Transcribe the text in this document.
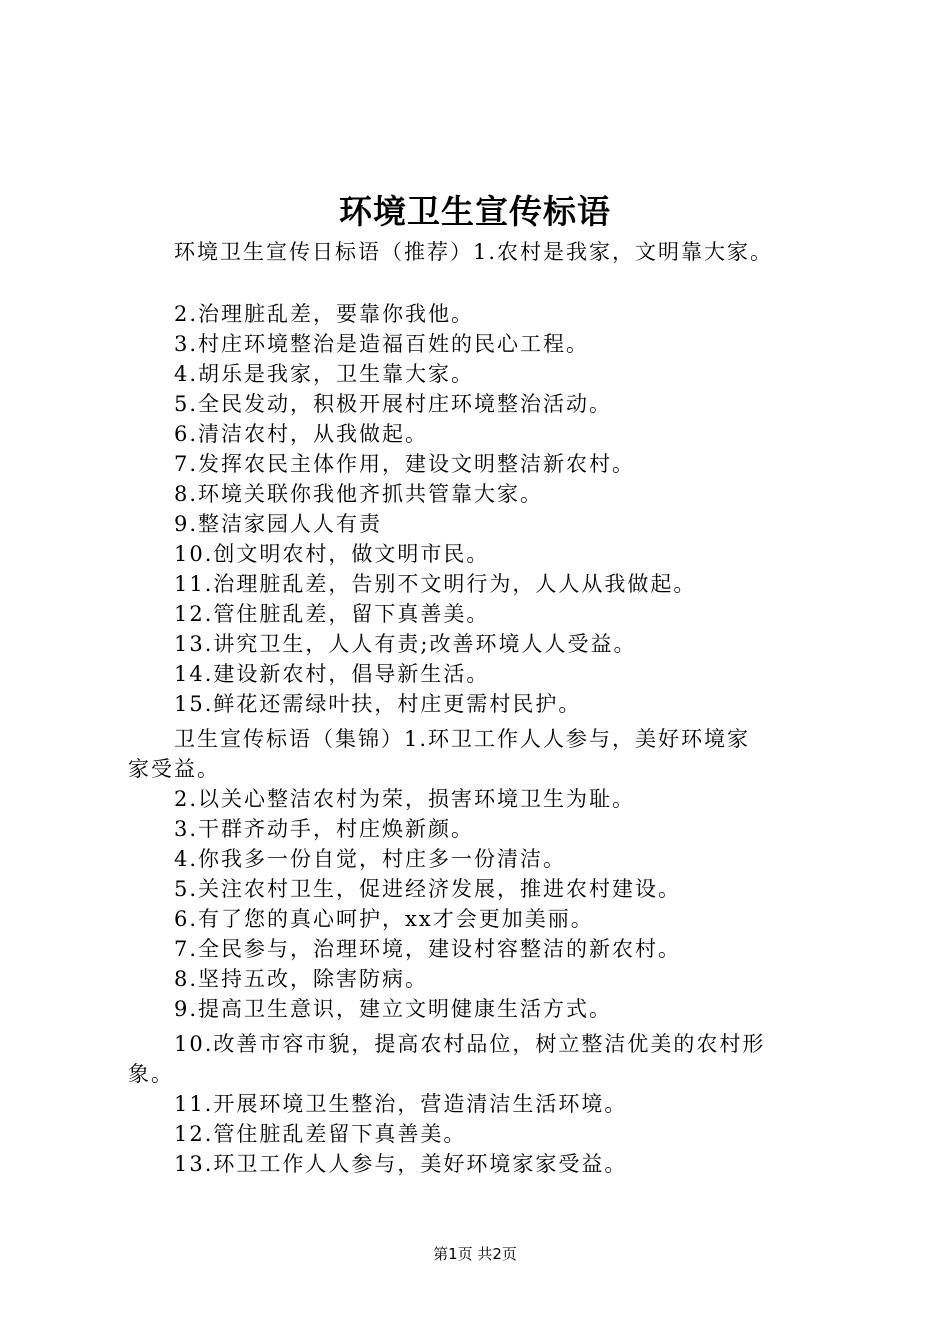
环境卫生宣传标语
　　环境卫生宣传日标语（推荐）1.农村是我家，文明靠大家。
　　2.治理脏乱差，要靠你我他。
　　3.村庄环境整治是造福百姓的民心工程。
　　4.胡乐是我家，卫生靠大家。
　　5.全民发动，积极开展村庄环境整治活动。
　　6.清洁农村，从我做起。
　　7.发挥农民主体作用，建设文明整洁新农村。
　　8.环境关联你我他齐抓共管靠大家。
　　9.整洁家园人人有责
　　10.创文明农村，做文明市民。
　　11.治理脏乱差，告别不文明行为，人人从我做起。
　　12.管住脏乱差，留下真善美。
　　13.讲究卫生，人人有责;改善环境人人受益。
　　14.建设新农村，倡导新生活。
　　15.鲜花还需绿叶扶，村庄更需村民护。
　　卫生宣传标语（集锦）1.环卫工作人人参与，美好环境家
家受益。
　　2.以关心整洁农村为荣，损害环境卫生为耻。
　　3.干群齐动手，村庄焕新颜。
　　4.你我多一份自觉，村庄多一份清洁。
　　5.关注农村卫生，促进经济发展，推进农村建设。
　　6.有了您的真心呵护，xx才会更加美丽。
　　7.全民参与，治理环境，建设村容整洁的新农村。
　　8.坚持五改，除害防病。
　　9.提高卫生意识，建立文明健康生活方式。
　　10.改善市容市貌，提高农村品位，树立整洁优美的农村形
象。
　　11.开展环境卫生整治，营造清洁生活环境。
　　12.管住脏乱差留下真善美。
　　13.环卫工作人人参与，美好环境家家受益。
第1页 共2页
